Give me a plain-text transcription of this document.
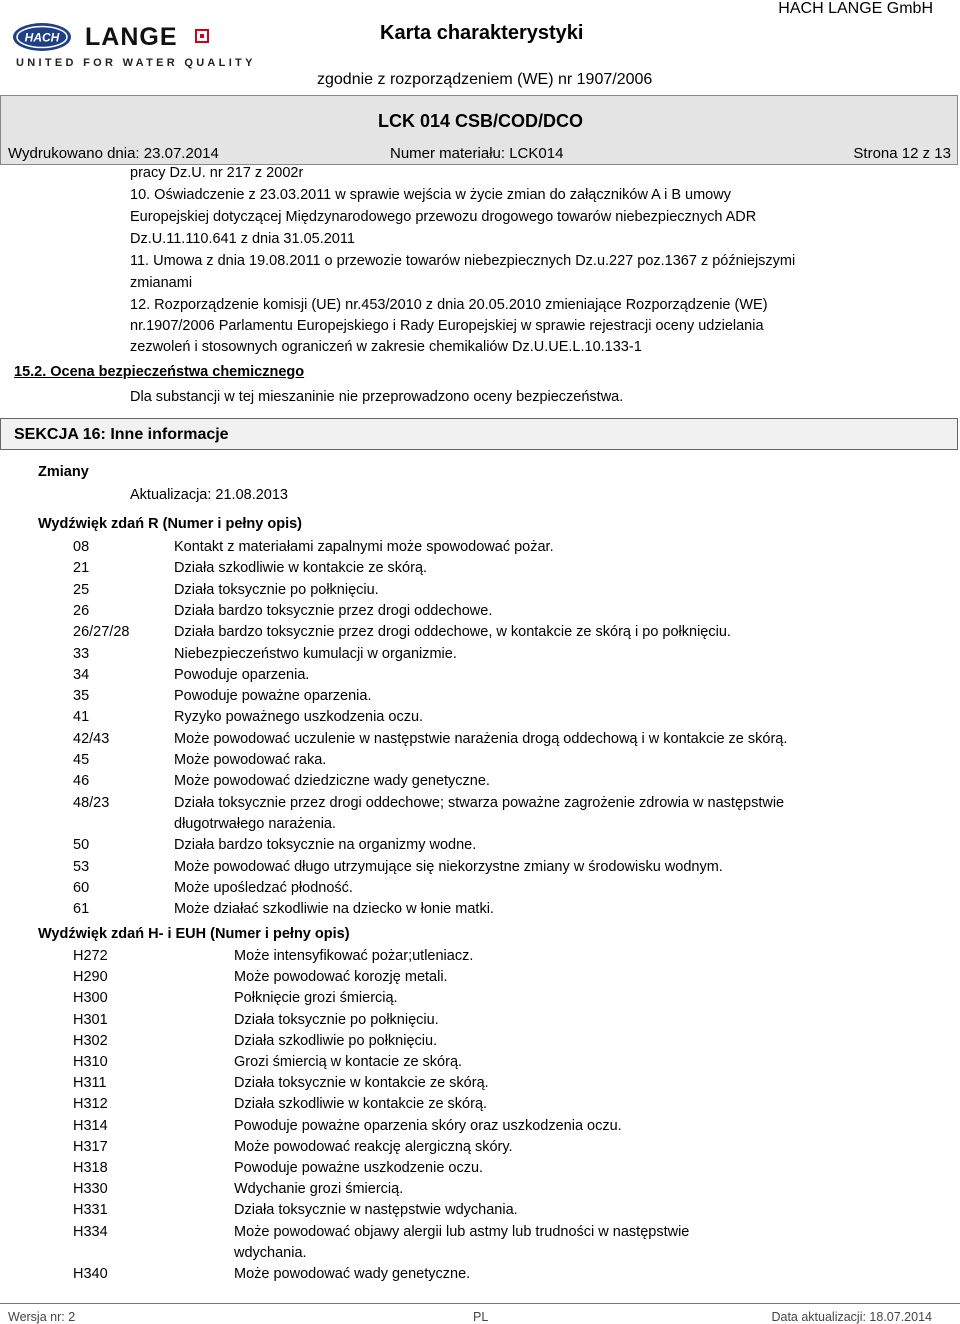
HACH LANGE
UNITED FOR WATER QUALITY
Karta charakterystyki
HACH LANGE GmbH
zgodnie z rozporządzeniem (WE) nr 1907/2006
LCK 014 CSB/COD/DCO
Wydrukowano dnia: 23.07.2014	Numer materiału: LCK014	Strona 12 z 13
pracy Dz.U. nr 217 z 2002r
10. Oświadczenie z 23.03.2011 w sprawie wejścia w życie zmian do załączników A i B umowy
Europejskiej dotyczącej Międzynarodowego przewozu drogowego towarów niebezpiecznych ADR
Dz.U.11.110.641 z dnia 31.05.2011
11. Umowa z dnia 19.08.2011 o przewozie towarów niebezpiecznych Dz.u.227 poz.1367 z późniejszymi
zmianami
12. Rozporządzenie komisji (UE) nr.453/2010 z dnia 20.05.2010 zmieniające Rozporządzenie (WE)
nr.1907/2006 Parlamentu Europejskiego i Rady Europejskiej w sprawie rejestracji oceny udzielania
zezwoleń i stosownych ograniczeń w zakresie chemikaliów Dz.U.UE.L.10.133-1
15.2. Ocena bezpieczeństwa chemicznego
Dla substancji w tej mieszaninie nie przeprowadzono oceny bezpieczeństwa.
SEKCJA 16: Inne informacje
Zmiany
Aktualizacja: 21.08.2013
Wydźwięk zdań R (Numer i pełny opis)
08	Kontakt z materiałami zapalnymi może spowodować pożar.
21	Działa szkodliwie w kontakcie ze skórą.
25	Działa toksycznie po połknięciu.
26	Działa bardzo toksycznie przez drogi oddechowe.
26/27/28	Działa bardzo toksycznie przez drogi oddechowe, w kontakcie ze skórą i po połknięciu.
33	Niebezpieczeństwo kumulacji w organizmie.
34	Powoduje oparzenia.
35	Powoduje poważne oparzenia.
41	Ryzyko poważnego uszkodzenia oczu.
42/43	Może powodować uczulenie w następstwie narażenia drogą oddechową i w kontakcie ze skórą.
45	Może powodować raka.
46	Może powodować dziedziczne wady genetyczne.
48/23	Działa toksycznie przez drogi oddechowe; stwarza poważne zagrożenie zdrowia w następstwie
długotrwałego narażenia.
50	Działa bardzo toksycznie na organizmy wodne.
53	Może powodować długo utrzymujące się niekorzystne zmiany w środowisku wodnym.
60	Może upośledzać płodność.
61	Może działać szkodliwie na dziecko w łonie matki.
Wydźwięk zdań H- i EUH (Numer i pełny opis)
H272	Może intensyfikować pożar;utleniacz.
H290	Może powodować korozję metali.
H300	Połknięcie grozi śmiercią.
H301	Działa toksycznie po połknięciu.
H302	Działa szkodliwie po połknięciu.
H310	Grozi śmiercią w kontacie ze skórą.
H311	Działa toksycznie w kontakcie ze skórą.
H312	Działa szkodliwie w kontakcie ze skórą.
H314	Powoduje poważne oparzenia skóry oraz uszkodzenia oczu.
H317	Może powodować reakcję alergiczną skóry.
H318	Powoduje poważne uszkodzenie oczu.
H330	Wdychanie grozi śmiercią.
H331	Działa toksycznie w następstwie wdychania.
H334	Może powodować objawy alergii lub astmy lub trudności w następstwie
wdychania.
H340	Może powodować wady genetyczne.
Wersja nr: 2	PL	Data aktualizacji: 18.07.2014
